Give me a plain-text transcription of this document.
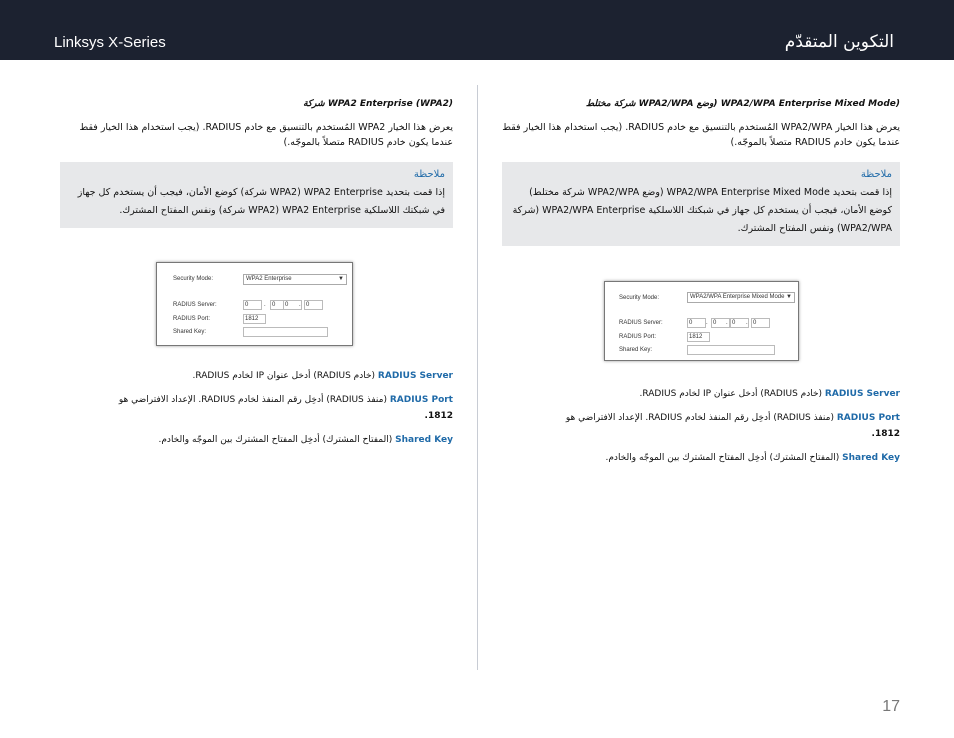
Linksys X-Series	التكوين المتقدّم

(WPA2/WPA Enterprise Mixed Mode (وضع WPA2/WPA شركة مختلط

يعرض هذا الخيار WPA2/WPA المُستخدم بالتنسيق مع خادم RADIUS. (يجب استخدام هذا الخيار فقط عندما يكون خادم RADIUS متصلاً بالموجّه.)

ملاحظة
إذا قمت بتحديد WPA2/WPA Enterprise Mixed Mode (وضع WPA2/WPA شركة مختلط) كوضع الأمان، فيجب أن يستخدم كل جهاز في شبكتك اللاسلكية WPA2/WPA Enterprise (شركة WPA2/WPA) ونفس المفتاح المشترك.

RADIUS Server (خادم RADIUS) أدخل عنوان IP لخادم RADIUS.

RADIUS Port (منفذ RADIUS) أدخِل رقم المنفذ لخادم RADIUS. الإعداد الافتراضي هو

1812.

Shared Key (المفتاح المشترك) أدخِل المفتاح المشترك بين الموجّه والخادم.

(WPA2 Enterprise (WPA2 شركة

يعرض هذا الخيار WPA2 المُستخدم بالتنسيق مع خادم RADIUS. (يجب استخدام هذا الخيار فقط عندما يكون خادم RADIUS متصلاً بالموجّه.)

ملاحظة
إذا قمت بتحديد WPA2 Enterprise (WPA2 شركة) كوضع الأمان، فيجب أن يستخدم كل جهاز في شبكتك اللاسلكية WPA2 Enterprise (WPA2 شركة) ونفس المفتاح المشترك.

RADIUS Server (خادم RADIUS) أدخل عنوان IP لخادم RADIUS.

RADIUS Port (منفذ RADIUS) أدخِل رقم المنفذ لخادم RADIUS. الإعداد الافتراضي هو

1812.

Shared Key (المفتاح المشترك) أدخِل المفتاح المشترك بين الموجّه والخادم.

Security Mode:	WPA2 Enterprise	▼
RADIUS Server:	0	.	0	0	. 0
RADIUS Port:	1812
Shared Key:
Security Mode:	WPA2/WPA Enterprise Mixed Mode ▼
RADIUS Server:	0	. 0	. 0	. 0
RADIUS Port:	1812
Shared Key:
17
